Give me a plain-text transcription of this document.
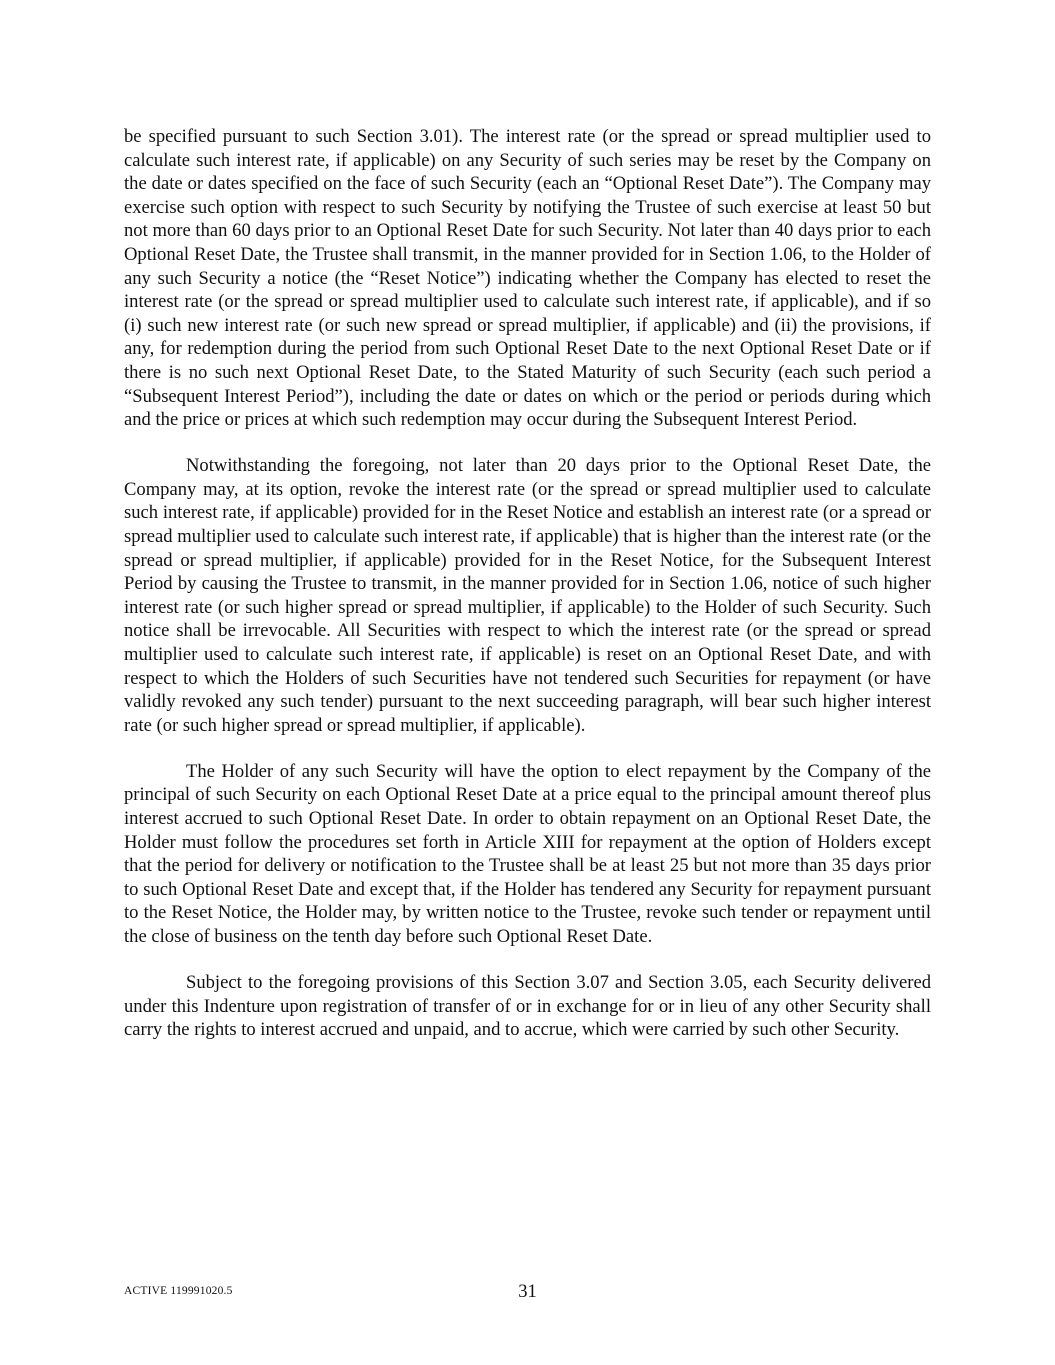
be specified pursuant to such Section 3.01). The interest rate (or the spread or spread multiplier used to calculate such interest rate, if applicable) on any Security of such series may be reset by the Company on the date or dates specified on the face of such Security (each an “Optional Reset Date”). The Company may exercise such option with respect to such Security by notifying the Trustee of such exercise at least 50 but not more than 60 days prior to an Optional Reset Date for such Security. Not later than 40 days prior to each Optional Reset Date, the Trustee shall transmit, in the manner provided for in Section 1.06, to the Holder of any such Security a notice (the “Reset Notice”) indicating whether the Company has elected to reset the interest rate (or the spread or spread multiplier used to calculate such interest rate, if applicable), and if so (i) such new interest rate (or such new spread or spread multiplier, if applicable) and (ii) the provisions, if any, for redemption during the period from such Optional Reset Date to the next Optional Reset Date or if there is no such next Optional Reset Date, to the Stated Maturity of such Security (each such period a “Subsequent Interest Period”), including the date or dates on which or the period or periods during which and the price or prices at which such redemption may occur during the Subsequent Interest Period.

Notwithstanding the foregoing, not later than 20 days prior to the Optional Reset Date, the Company may, at its option, revoke the interest rate (or the spread or spread multiplier used to calculate such interest rate, if applicable) provided for in the Reset Notice and establish an interest rate (or a spread or spread multiplier used to calculate such interest rate, if applicable) that is higher than the interest rate (or the spread or spread multiplier, if applicable) provided for in the Reset Notice, for the Subsequent Interest Period by causing the Trustee to transmit, in the manner provided for in Section 1.06, notice of such higher interest rate (or such higher spread or spread multiplier, if applicable) to the Holder of such Security. Such notice shall be irrevocable. All Securities with respect to which the interest rate (or the spread or spread multiplier used to calculate such interest rate, if applicable) is reset on an Optional Reset Date, and with respect to which the Holders of such Securities have not tendered such Securities for repayment (or have validly revoked any such tender) pursuant to the next succeeding paragraph, will bear such higher interest rate (or such higher spread or spread multiplier, if applicable).

The Holder of any such Security will have the option to elect repayment by the Company of the principal of such Security on each Optional Reset Date at a price equal to the principal amount thereof plus interest accrued to such Optional Reset Date. In order to obtain repayment on an Optional Reset Date, the Holder must follow the procedures set forth in Article XIII for repayment at the option of Holders except that the period for delivery or notification to the Trustee shall be at least 25 but not more than 35 days prior to such Optional Reset Date and except that, if the Holder has tendered any Security for repayment pursuant to the Reset Notice, the Holder may, by written notice to the Trustee, revoke such tender or repayment until the close of business on the tenth day before such Optional Reset Date.

Subject to the foregoing provisions of this Section 3.07 and Section 3.05, each Security delivered under this Indenture upon registration of transfer of or in exchange for or in lieu of any other Security shall carry the rights to interest accrued and unpaid, and to accrue, which were carried by such other Security.

ACTIVE 119991020.5	31
